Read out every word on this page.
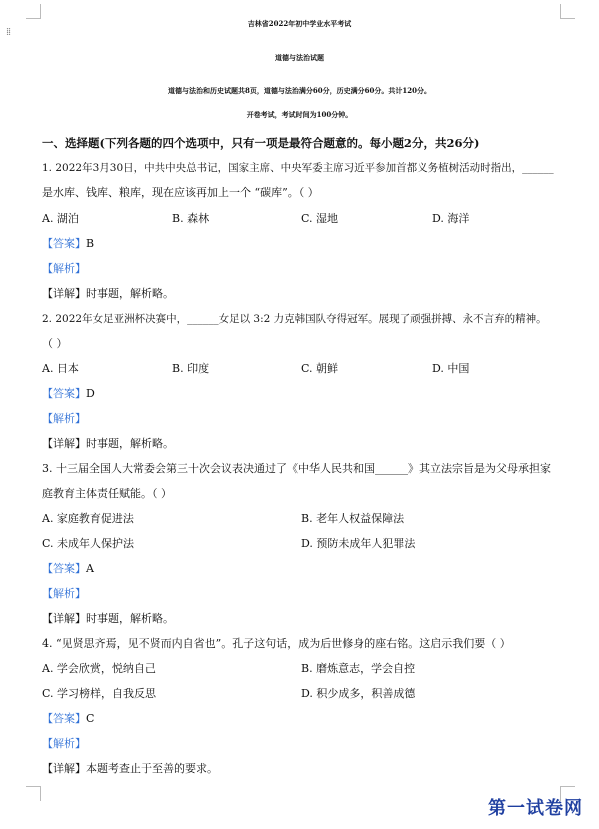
⁞⁞
吉林省2022年初中学业水平考试
道德与法治试题
道德与法治和历史试题共8页，道德与法治满分60分，历史满分60分。共计120分。
开卷考试，考试时间为100分钟。
一、选择题(下列各题的四个选项中，只有一项是最符合题意的。每小题2分，共26分)
1. 2022年3月30日，中共中央总书记，国家主席、中央军委主席习近平参加首都义务植树活动时指出，______
是水库、钱库、粮库，现在应该再加上一个 “碳库”。（ ）
A. 湖泊	B. 森林	C. 湿地	D. 海洋
【答案】B
【解析】
【详解】时事题，解析略。
2. 2022年女足亚洲杯决赛中，______女足以 3:2 力克韩国队夺得冠军。展现了顽强拼搏、永不言弃的精神。
（ ）
A. 日本	B. 印度	C. 朝鲜	D. 中国
【答案】D
【解析】
【详解】时事题，解析略。
3. 十三届全国人大常委会第三十次会议表决通过了《中华人民共和国______》其立法宗旨是为父母承担家
庭教育主体责任赋能。（ ）
A. 家庭教育促进法	B. 老年人权益保障法
C. 未成年人保护法	D. 预防未成年人犯罪法
【答案】A
【解析】
【详解】时事题，解析略。
4. “见贤思齐焉，见不贤而内自省也”。孔子这句话，成为后世修身的座右铭。这启示我们要（ ）
A. 学会欣赏，悦纳自己	B. 磨炼意志，学会自控
C. 学习榜样，自我反思	D. 积少成多，积善成德
【答案】C
【解析】
【详解】本题考查止于至善的要求。
第一试卷网
